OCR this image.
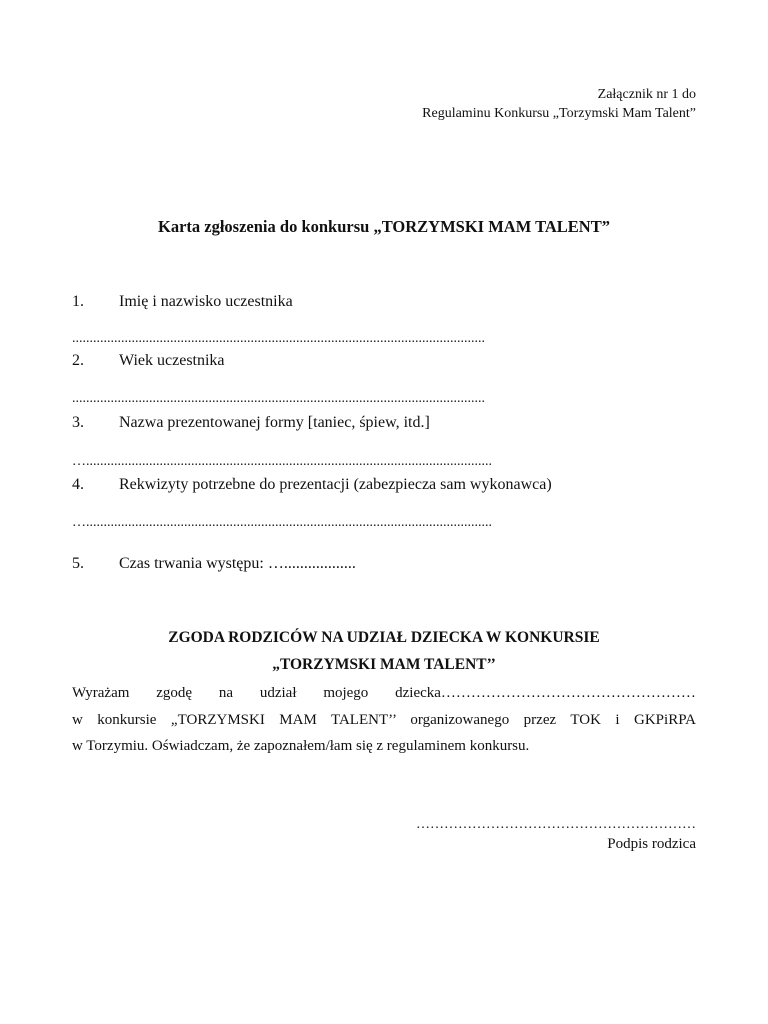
Załącznik nr 1 do
Regulaminu Konkursu „Torzymski Mam Talent”
Karta zgłoszenia do konkursu „TORZYMSKI MAM TALENT”
1. Imię i nazwisko uczestnika
......................................................................................................................
2. Wiek uczestnika
......................................................................................................................
3. Nazwa prezentowanej formy [taniec, śpiew, itd.]
…....................................................................................................................
4. Rekwizyty potrzebne do prezentacji (zabezpiecza sam wykonawca)
…....................................................................................................................
5. Czas trwania występu: …..................
ZGODA RODZICÓW NA UDZIAŁ DZIECKA W KONKURSIE
„TORZYMSKI MAM TALENT’’
Wyrażam zgodę na udział mojego dziecka……………………………………………
w konkursie „TORZYMSKI MAM TALENT’’ organizowanego przez TOK i GKPiRPA
w Torzymiu. Oświadczam, że zapoznałem/łam się z regulaminem konkursu.
……………………………………………………
Podpis rodzica
